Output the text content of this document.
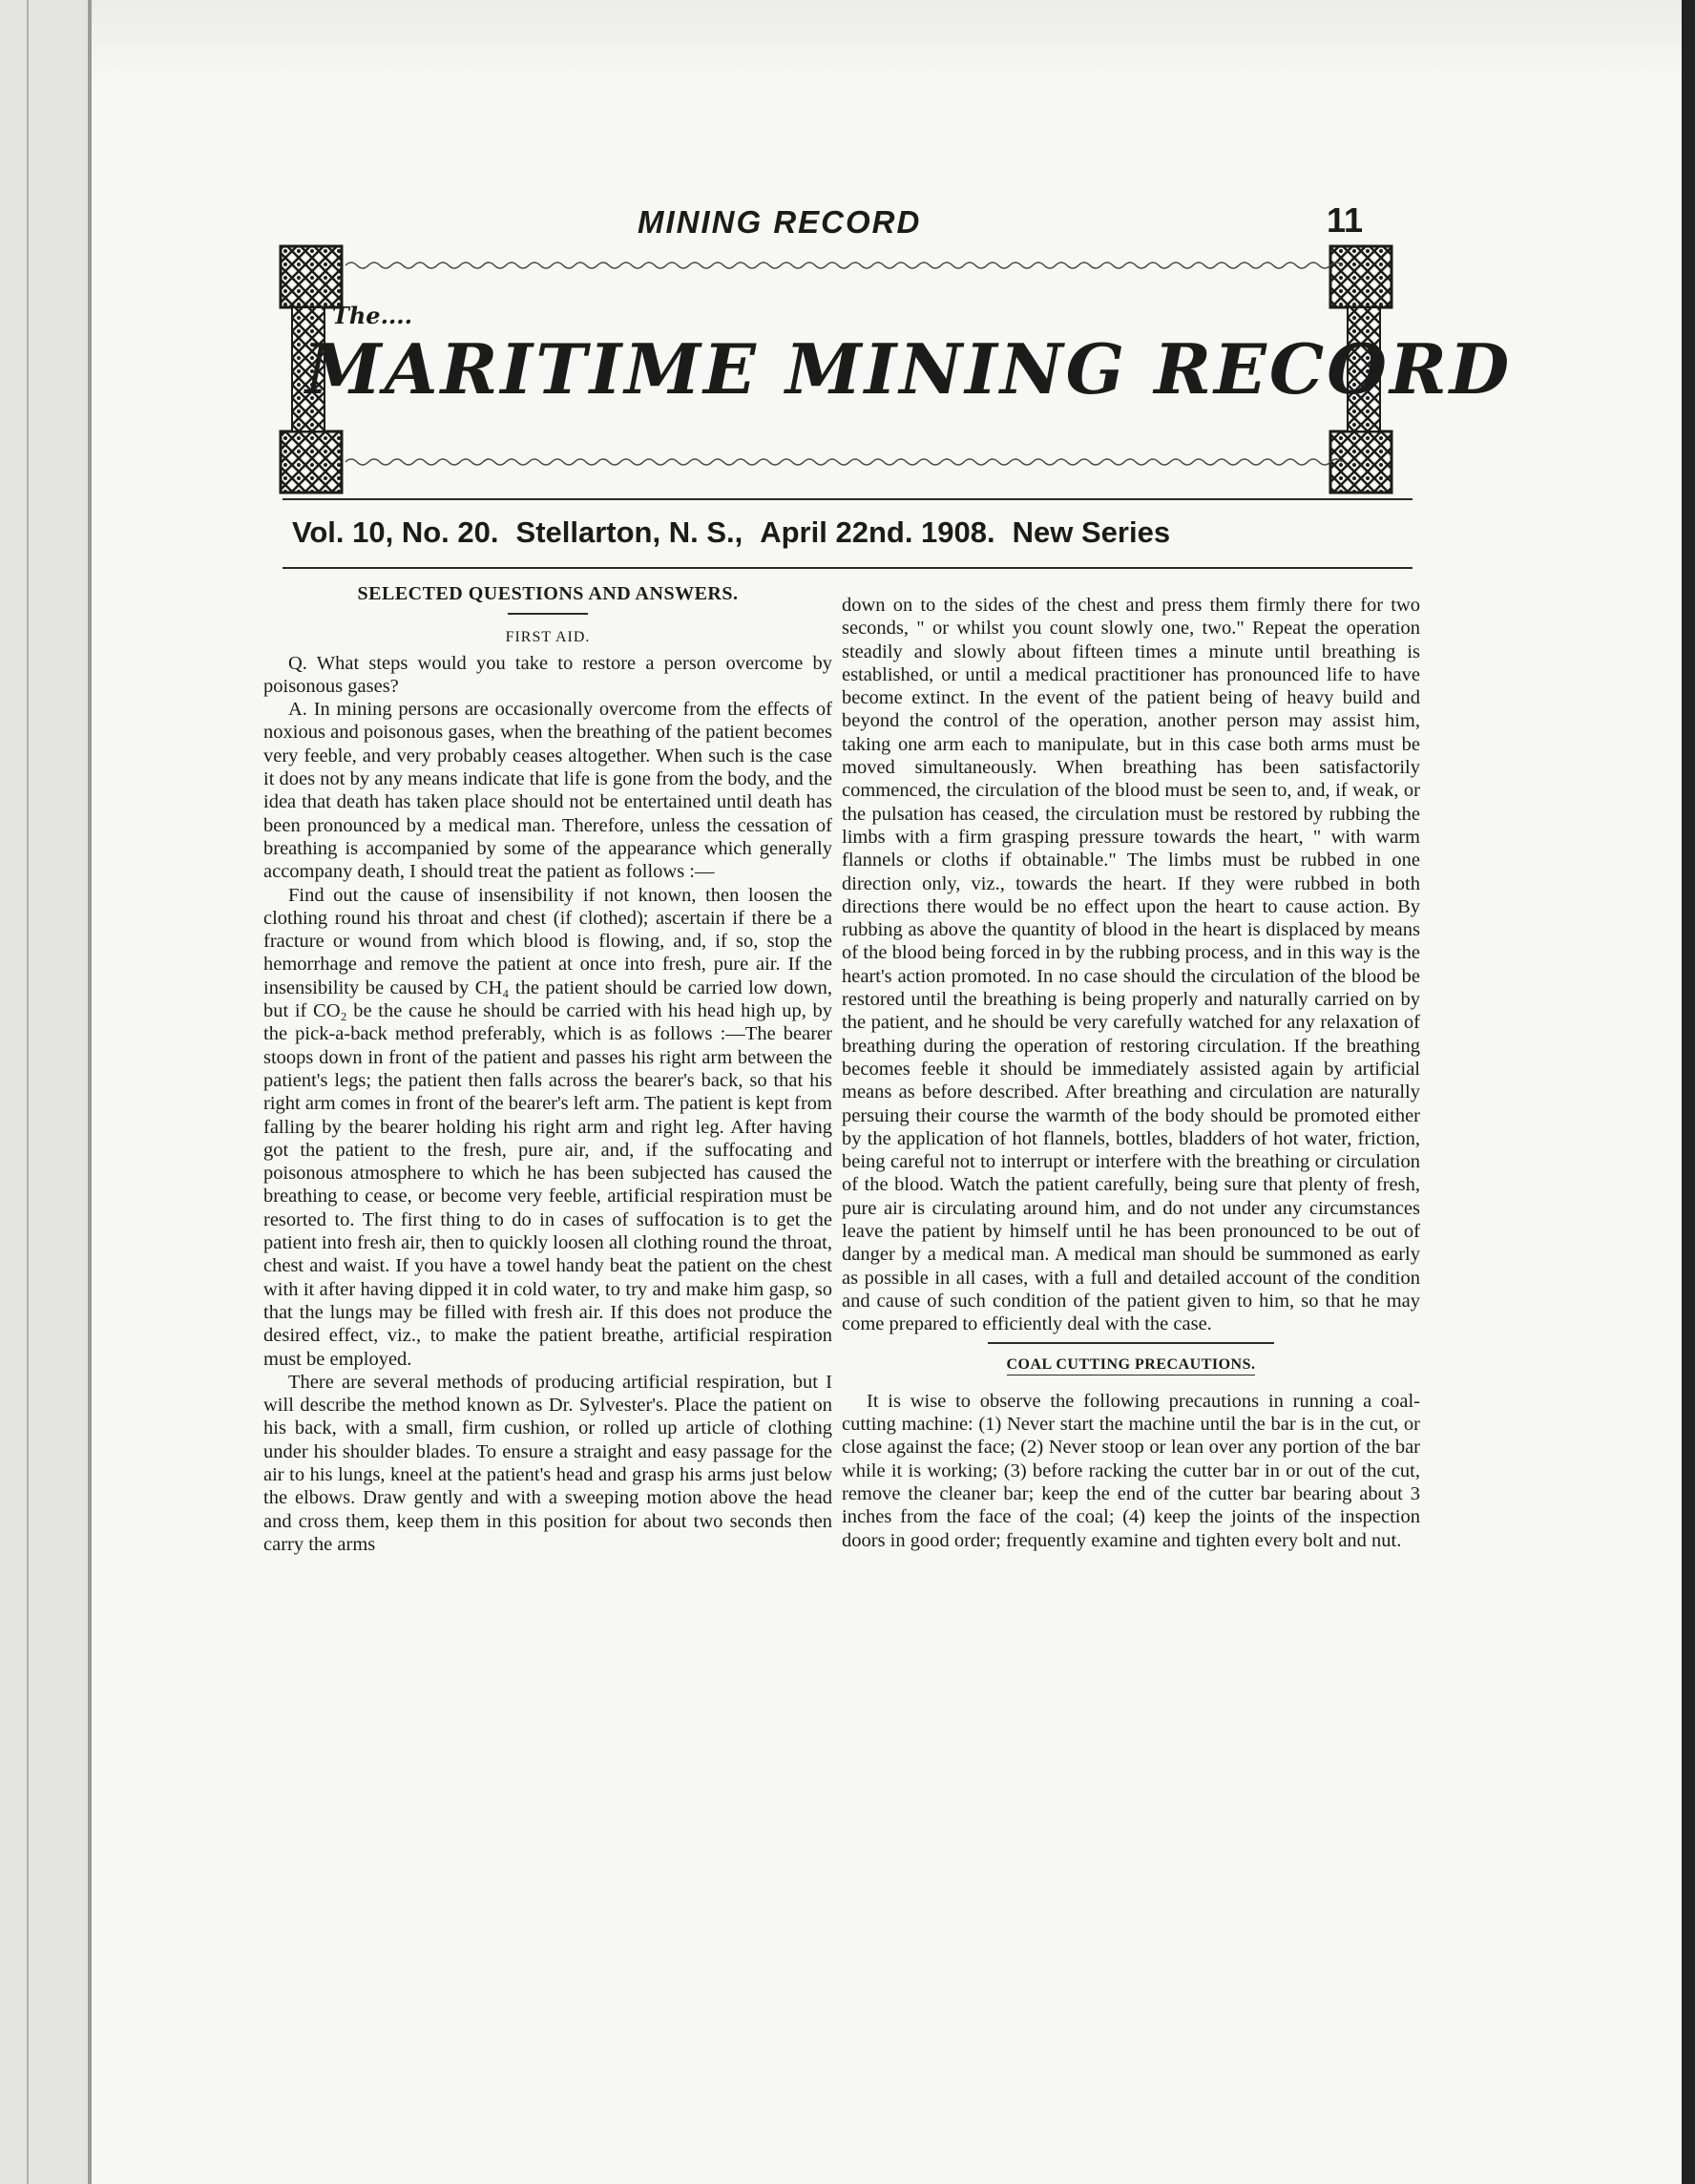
MINING RECORD	11
The....
MARITIME MINING RECORD
Vol. 10, No. 20. Stellarton, N. S., April 22nd. 1908. New Series
SELECTED QUESTIONS AND ANSWERS.
FIRST AID.

Q. What steps would you take to restore a person overcome by poisonous gases?

A. In mining persons are occasionally overcome from the effects of noxious and poisonous gases, when the breathing of the patient becomes very feeble, and very probably ceases altogether. When such is the case it does not by any means indicate that life is gone from the body, and the idea that death has taken place should not be entertained until death has been pronounced by a medical man. Therefore, unless the cessation of breathing is accompanied by some of the appearance which generally accompany death, I should treat the patient as follows :—

Find out the cause of insensibility if not known, then loosen the clothing round his throat and chest (if clothed); ascertain if there be a fracture or wound from which blood is flowing, and, if so, stop the hemorrhage and remove the patient at once into fresh, pure air. If the insensibility be caused by CH₄ the patient should be carried low down, but if CO₂ be the cause he should be carried with his head high up, by the pick-a-back method preferably, which is as follows :—The bearer stoops down in front of the patient and passes his right arm between the patient's legs; the patient then falls across the bearer's back, so that his right arm comes in front of the bearer's left arm. The patient is kept from falling by the bearer holding his right arm and right leg. After having got the patient to the fresh, pure air, and, if the suffocating and poisonous atmosphere to which he has been subjected has caused the breathing to cease, or become very feeble, artificial respiration must be resorted to. The first thing to do in cases of suffocation is to get the patient into fresh air, then to quickly loosen all clothing round the throat, chest and waist. If you have a towel handy beat the patient on the chest with it after having dipped it in cold water, to try and make him gasp, so that the lungs may be filled with fresh air. If this does not produce the desired effect, viz., to make the patient breathe, artificial respiration must be employed.

There are several methods of producing artificial respiration, but I will describe the method known as Dr. Sylvester's. Place the patient on his back, with a small, firm cushion, or rolled up article of clothing under his shoulder blades. To ensure a straight and easy passage for the air to his lungs, kneel at the patient's head and grasp his arms just below the elbows. Draw gently and with a sweeping motion above the head and cross them, keep them in this position for about two seconds then carry the arms

down on to the sides of the chest and press them firmly there for two seconds, " or whilst you count slowly one, two." Repeat the operation steadily and slowly about fifteen times a minute until breathing is established, or until a medical practitioner has pronounced life to have become extinct. In the event of the patient being of heavy build and beyond the control of the operation, another person may assist him, taking one arm each to manipulate, but in this case both arms must be moved simultaneously. When breathing has been satisfactorily commenced, the circulation of the blood must be seen to, and, if weak, or the pulsation has ceased, the circulation must be restored by rubbing the limbs with a firm grasping pressure towards the heart, " with warm flannels or cloths if obtainable." The limbs must be rubbed in one direction only, viz., towards the heart. If they were rubbed in both directions there would be no effect upon the heart to cause action. By rubbing as above the quantity of blood in the heart is displaced by means of the blood being forced in by the rubbing process, and in this way is the heart's action promoted. In no case should the circulation of the blood be restored until the breathing is being properly and naturally carried on by the patient, and he should be very carefully watched for any relaxation of breathing during the operation of restoring circulation. If the breathing becomes feeble it should be immediately assisted again by artificial means as before described. After breathing and circulation are naturally persuing their course the warmth of the body should be promoted either by the application of hot flannels, bottles, bladders of hot water, friction, being careful not to interrupt or interfere with the breathing or circulation of the blood. Watch the patient carefully, being sure that plenty of fresh, pure air is circulating around him, and do not under any circumstances leave the patient by himself until he has been pronounced to be out of danger by a medical man. A medical man should be summoned as early as possible in all cases, with a full and detailed account of the condition and cause of such condition of the patient given to him, so that he may come prepared to efficiently deal with the case.

COAL CUTTING PRECAUTIONS.

It is wise to observe the following precautions in running a coal-cutting machine: (1) Never start the machine until the bar is in the cut, or close against the face; (2) Never stoop or lean over any portion of the bar while it is working; (3) before racking the cutter bar in or out of the cut, remove the cleaner bar; keep the end of the cutter bar bearing about 3 inches from the face of the coal; (4) keep the joints of the inspection doors in good order; frequently examine and tighten every bolt and nut.
